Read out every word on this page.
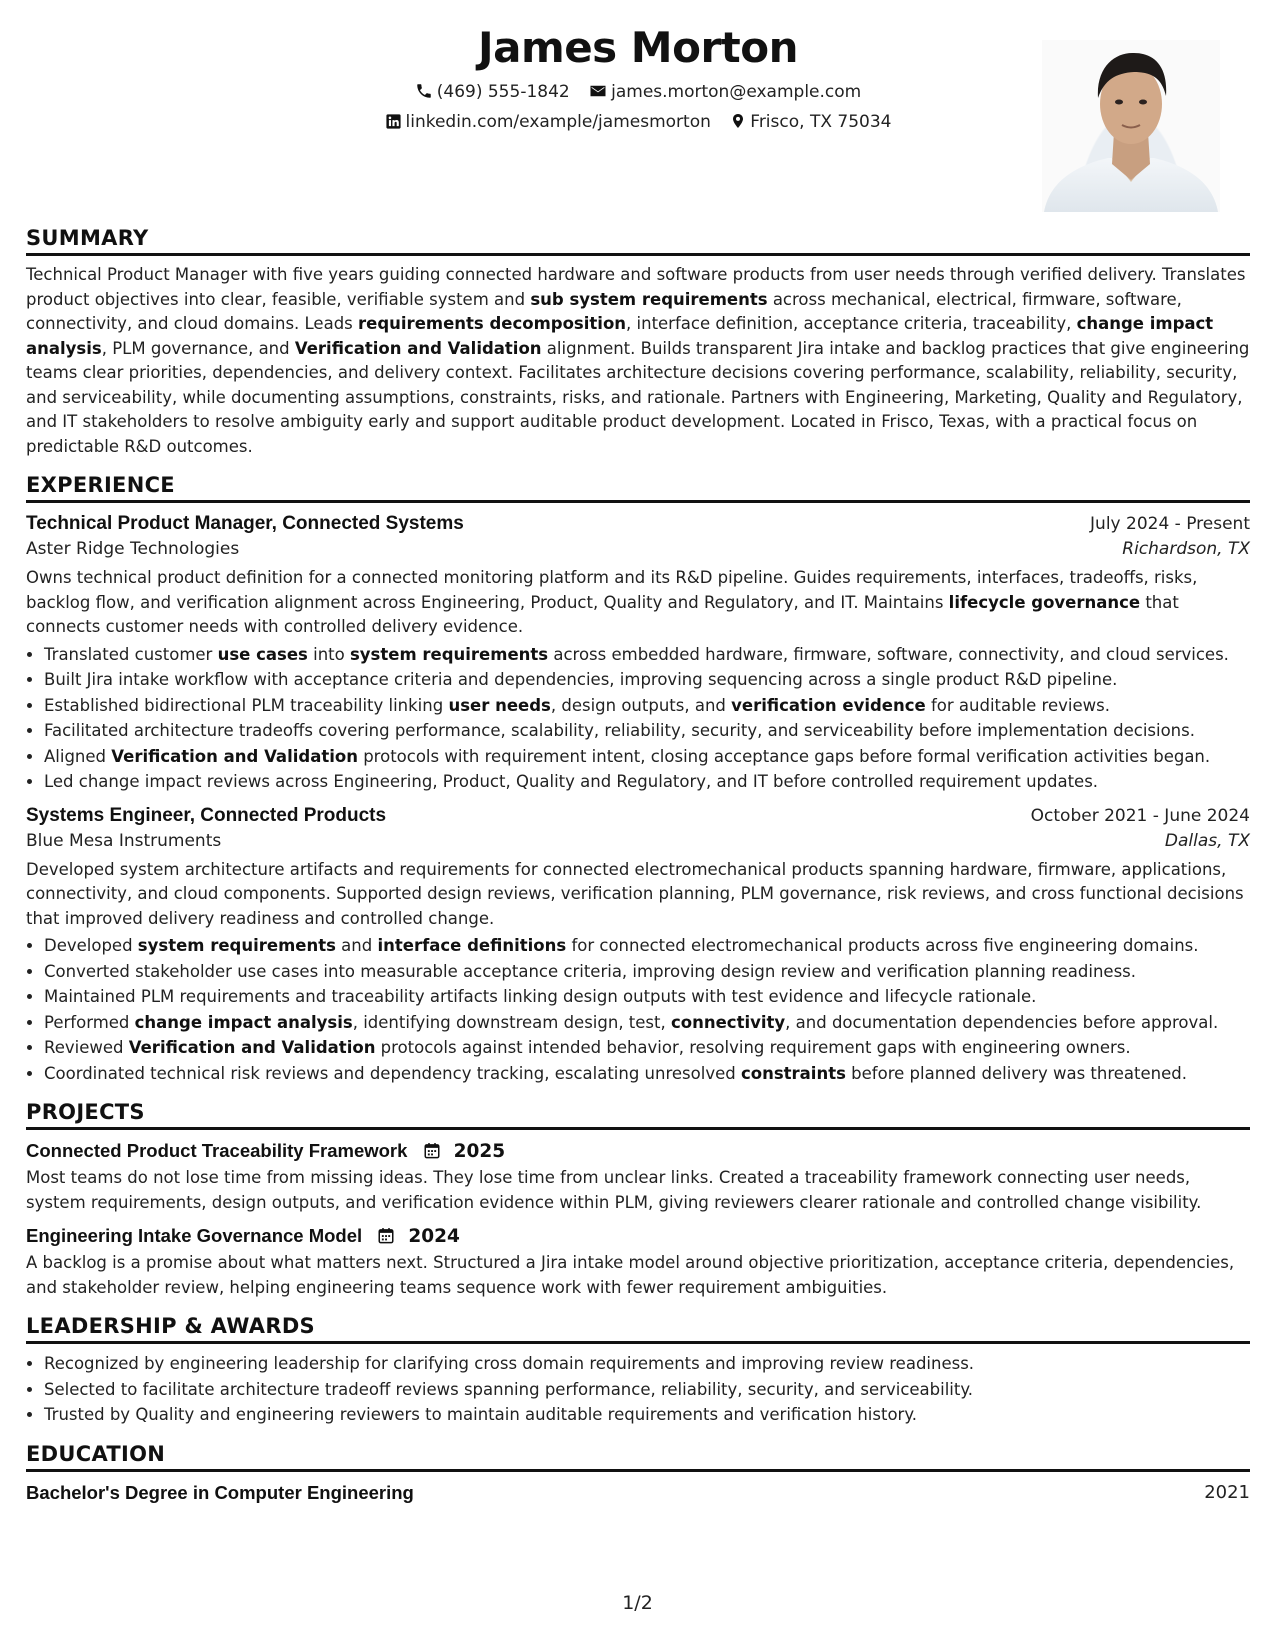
James Morton
(469) 555-1842 james.morton@example.com
linkedin.com/example/jamesmorton Frisco, TX 75034
SUMMARY

Technical Product Manager with five years guiding connected hardware and software products from user needs through verified delivery. Translates product objectives into clear, feasible, verifiable system and sub system requirements across mechanical, electrical, firmware, software, connectivity, and cloud domains. Leads requirements decomposition, interface definition, acceptance criteria, traceability, change impact analysis, PLM governance, and Verification and Validation alignment. Builds transparent Jira intake and backlog practices that give engineering teams clear priorities, dependencies, and delivery context. Facilitates architecture decisions covering performance, scalability, reliability, security, and serviceability, while documenting assumptions, constraints, risks, and rationale. Partners with Engineering, Marketing, Quality and Regulatory, and IT stakeholders to resolve ambiguity early and support auditable product development. Located in Frisco, Texas, with a practical focus on predictable R&D outcomes.

EXPERIENCE
Technical Product Manager, Connected Systems	July 2024 - Present
Aster Ridge Technologies	Richardson, TX

Owns technical product definition for a connected monitoring platform and its R&D pipeline. Guides requirements, interfaces, tradeoffs, risks, backlog flow, and verification alignment across Engineering, Product, Quality and Regulatory, and IT. Maintains lifecycle governance that connects customer needs with controlled delivery evidence.

• Translated customer use cases into system requirements across embedded hardware, firmware, software, connectivity, and cloud services.
• Built Jira intake workflow with acceptance criteria and dependencies, improving sequencing across a single product R&D pipeline.
• Established bidirectional PLM traceability linking user needs, design outputs, and verification evidence for auditable reviews.
• Facilitated architecture tradeoffs covering performance, scalability, reliability, security, and serviceability before implementation decisions.
• Aligned Verification and Validation protocols with requirement intent, closing acceptance gaps before formal verification activities began.
• Led change impact reviews across Engineering, Product, Quality and Regulatory, and IT before controlled requirement updates.
Systems Engineer, Connected Products	October 2021 - June 2024
Blue Mesa Instruments	Dallas, TX

Developed system architecture artifacts and requirements for connected electromechanical products spanning hardware, firmware, applications, connectivity, and cloud components. Supported design reviews, verification planning, PLM governance, risk reviews, and cross functional decisions that improved delivery readiness and controlled change.

• Developed system requirements and interface definitions for connected electromechanical products across five engineering domains.
• Converted stakeholder use cases into measurable acceptance criteria, improving design review and verification planning readiness.
• Maintained PLM requirements and traceability artifacts linking design outputs with test evidence and lifecycle rationale.
• Performed change impact analysis, identifying downstream design, test, connectivity, and documentation dependencies before approval.
• Reviewed Verification and Validation protocols against intended behavior, resolving requirement gaps with engineering owners.
• Coordinated technical risk reviews and dependency tracking, escalating unresolved constraints before planned delivery was threatened.
PROJECTS
Connected Product Traceability Framework 2025

Most teams do not lose time from missing ideas. They lose time from unclear links. Created a traceability framework connecting user needs, system requirements, design outputs, and verification evidence within PLM, giving reviewers clearer rationale and controlled change visibility.

Engineering Intake Governance Model 2024

A backlog is a promise about what matters next. Structured a Jira intake model around objective prioritization, acceptance criteria, dependencies, and stakeholder review, helping engineering teams sequence work with fewer requirement ambiguities.

LEADERSHIP & AWARDS
• Recognized by engineering leadership for clarifying cross domain requirements and improving review readiness.
• Selected to facilitate architecture tradeoff reviews spanning performance, reliability, security, and serviceability.
• Trusted by Quality and engineering reviewers to maintain auditable requirements and verification history.
EDUCATION
Bachelor's Degree in Computer Engineering	2021
1/2
